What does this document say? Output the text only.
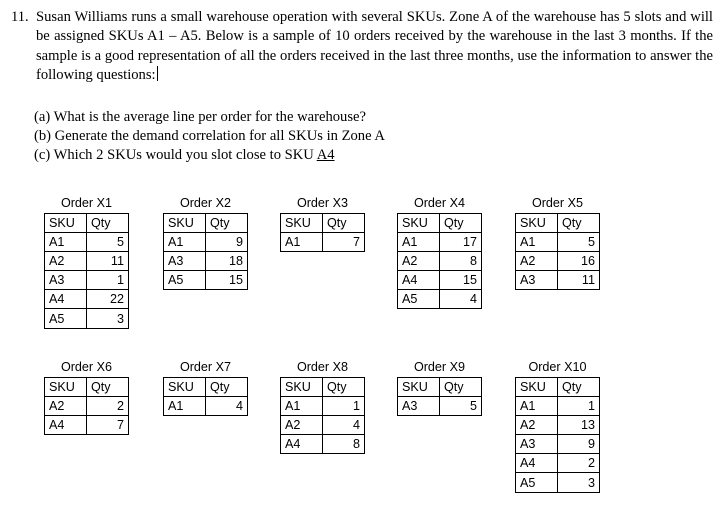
11. Susan Williams runs a small warehouse operation with several SKUs. Zone A of the warehouse has 5 slots and will be assigned SKUs A1 – A5. Below is a sample of 10 orders received by the warehouse in the last 3 months. If the sample is a good representation of all the orders received in the last three months, use the information to answer the following questions:
(a) What is the average line per order for the warehouse?
(b) Generate the demand correlation for all SKUs in Zone A
(c) Which 2 SKUs would you slot close to SKU A4
Order X1	
SKU	Qty
A1	5
A2	11
A3	1
A4	22
A5	3
Order X2	
SKU	Qty
A1	9
A3	18
A5	15
Order X3	
SKU	Qty
A1	7
Order X4	
SKU	Qty
A1	17
A2	8
A4	15
A5	4
Order X5	
SKU	Qty
A1	5
A2	16
A3	11
Order X6	
SKU	Qty
A2	2
A4	7
Order X7	
SKU	Qty
A1	4
Order X8	
SKU	Qty
A1	1
A2	4
A4	8
Order X9	
SKU	Qty
A3	5
Order X10	
SKU	Qty
A1	1
A2	13
A3	9
A4	2
A5	3
